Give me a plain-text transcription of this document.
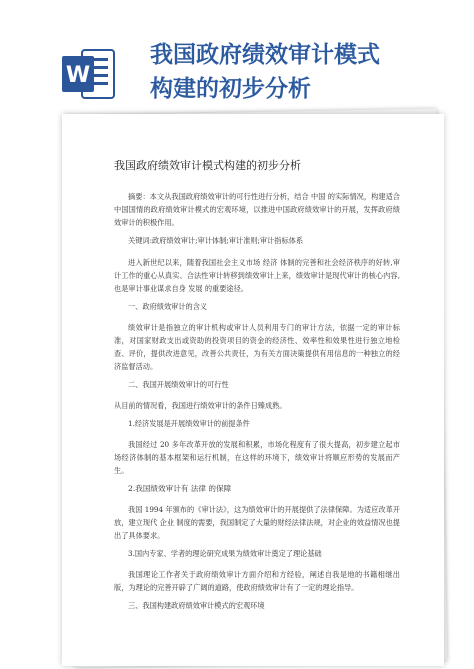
W
我国政府绩效审计模式
构建的初步分析
我国政府绩效审计模式构建的初步分析

摘要：本文从我国政府绩效审计的可行性进行分析，结合 中国 的实际情况，构建适合中国国情的政府绩效审计模式的宏观环境，以推进中国政府绩效审计的开展，发挥政府绩效审计的积极作用。

关键词:政府绩效审计;审计体制;审计准则;审计指标体系

进入新世纪以来，随着我国社会主义市场 经济 体制的完善和社会经济秩序的好转,审计工作的重心从真实、合法性审计转移到绩效审计上来，绩效审计是现代审计的核心内容,也是审计事业谋求自身 发展 的重要途径。

一、政府绩效审计的含义

绩效审计是指独立的审计机构或审计人员利用专门的审计方法，依据一定的审计标准，对国家财政支出或资助的投资项目的资金的经济性、效率性和效果性进行独立地检查、评价，提供改进意见，改善公共责任，为有关方面决策提供有用信息的一种独立的经济监督活动。

二、我国开展绩效审计的可行性

从目前的情况看，我国进行绩效审计的条件日臻成熟。

1.经济发展是开展绩效审计的前提条件

我国经过 20 多年改革开放的发展和积累，市场化程度有了很大提高，初步建立起市场经济体制的基本框架和运行机制，在这样的环境下，绩效审计将顺应形势的发展而产生。

2.我国绩效审计有 法律 的保障

我国 1994 年颁布的《审计法》，这为绩效审计的开展提供了法律保障。为适应改革开放，建立现代 企业 制度的需要，我国制定了大量的财经法律法规，对企业的效益情况也提出了具体要求。

3.国内专家、学者的理论研究成果为绩效审计奠定了理论基础

我国理论工作者关于政府绩效审计方面介绍和方经验，阐述自我是地的书籍相继出版，为理论的完善开辟了广阔的道路，使政府绩效审计有了一定的理论指导。

三、我国构建政府绩效审计模式的宏观环境
